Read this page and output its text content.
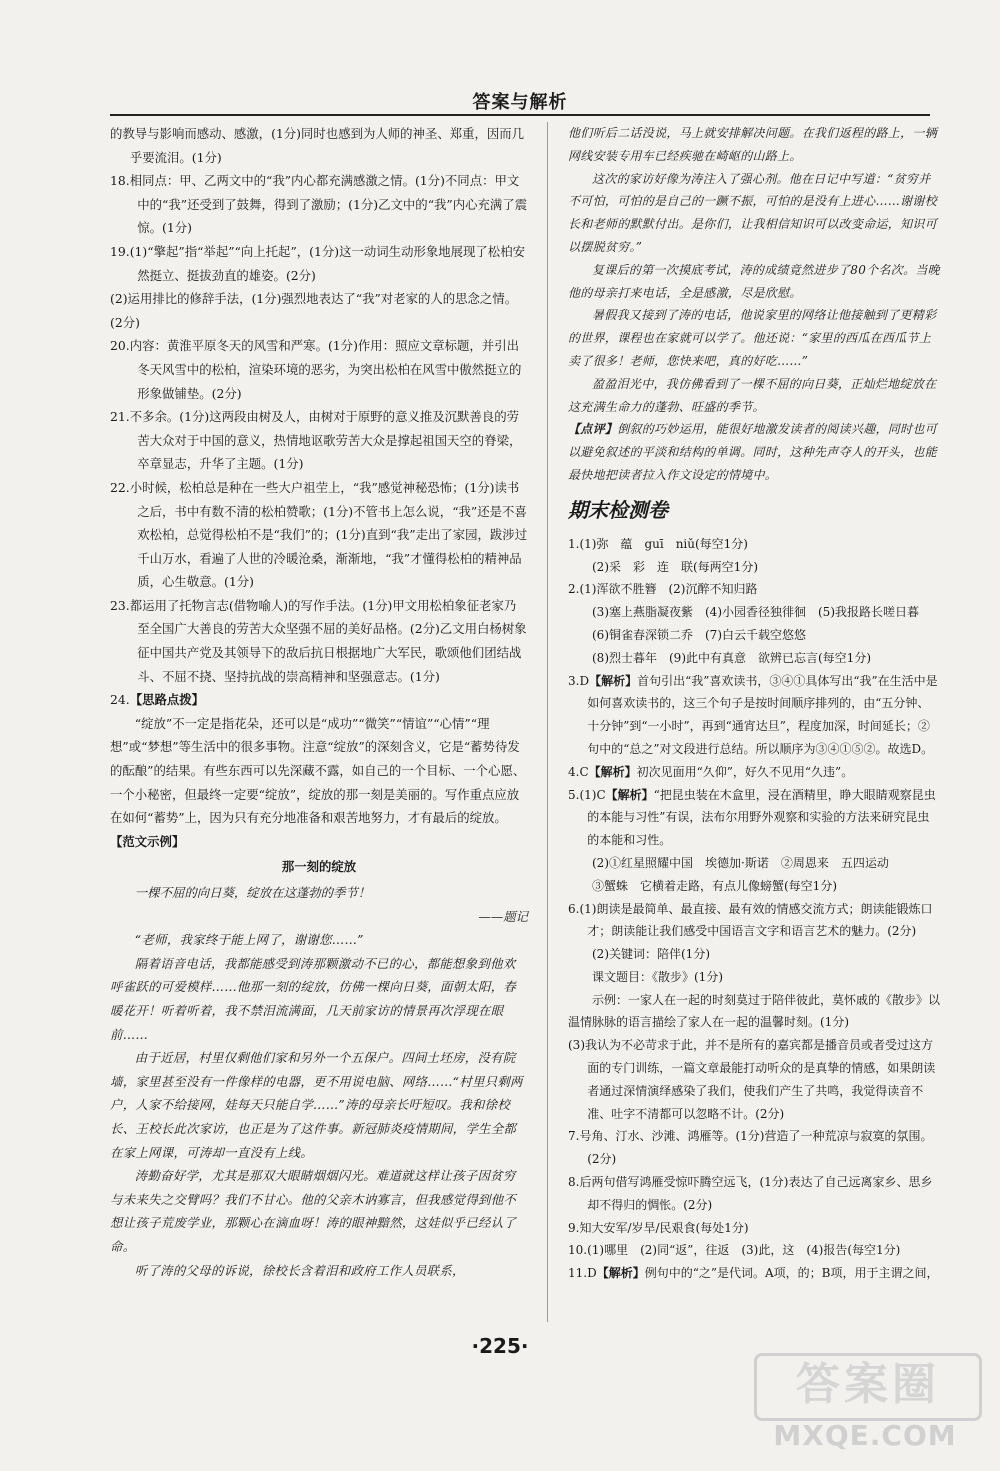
答案与解析

的教导与影响而感动、感激，(1分)同时也感到为人师的神圣、郑重，因而几乎要流泪。(1分)

18.相同点：甲、乙两文中的“我”内心都充满感激之情。(1分)不同点：甲文中的“我”还受到了鼓舞，得到了激励；(1分)乙文中的“我”内心充满了震惊。(1分)

19.(1)“擎起”指“举起”“向上托起”，(1分)这一动词生动形象地展现了松柏安然挺立、挺拔劲直的雄姿。(2分)

(2)运用排比的修辞手法，(1分)强烈地表达了“我”对老家的人的思念之情。(2分)

20.内容：黄淮平原冬天的风雪和严寒。(1分)作用：照应文章标题，并引出冬天风雪中的松柏，渲染环境的恶劣，为突出松柏在风雪中傲然挺立的形象做铺垫。(2分)

21.不多余。(1分)这两段由树及人，由树对于原野的意义推及沉默善良的劳苦大众对于中国的意义，热情地讴歌劳苦大众是撑起祖国天空的脊梁，卒章显志，升华了主题。(1分)

22.小时候，松柏总是种在一些大户祖茔上，“我”感觉神秘恐怖；(1分)读书之后，书中有数不清的松柏赞歌；(1分)不管书上怎么说，“我”还是不喜欢松柏，总觉得松柏不是“我们”的；(1分)直到“我”走出了家园，跋涉过千山万水，看遍了人世的冷暖沧桑，渐渐地，“我”才懂得松柏的精神品质，心生敬意。(1分)

23.都运用了托物言志(借物喻人)的写作手法。(1分)甲文用松柏象征老家乃至全国广大善良的劳苦大众坚强不屈的美好品格。(2分)乙文用白杨树象征中国共产党及其领导下的敌后抗日根据地广大军民，歌颂他们团结战斗、不屈不挠、坚持抗战的崇高精神和坚强意志。(1分)

24.【思路点拨】

“绽放”不一定是指花朵，还可以是“成功”“微笑”“情谊”“心情”“理想”或“梦想”等生活中的很多事物。注意“绽放”的深刻含义，它是“蓄势待发的酝酿”的结果。有些东西可以先深藏不露，如自己的一个目标、一个心愿、一个小秘密，但最终一定要“绽放”，绽放的那一刻是美丽的。写作重点应放在如何“蓄势”上，因为只有充分地准备和艰苦地努力，才有最后的绽放。

【范文示例】

那一刻的绽放

一棵不屈的向日葵，绽放在这蓬勃的季节！

——题记

“老师，我家终于能上网了，谢谢您……”

隔着语音电话，我都能感受到涛那颗激动不已的心，都能想象到他欢呼雀跃的可爱模样……他那一刻的绽放，仿佛一棵向日葵，面朝太阳，春暖花开！听着听着，我不禁泪流满面，几天前家访的情景再次浮现在眼前……

由于近居，村里仅剩他们家和另外一个五保户。四间土坯房，没有院墙，家里甚至没有一件像样的电器，更不用说电脑、网络……“村里只剩两户，人家不给接网，娃每天只能自学……”涛的母亲长吁短叹。我和徐校长、王校长此次家访，也正是为了这件事。新冠肺炎疫情期间，学生全都在家上网课，可涛却一直没有上线。

涛勤奋好学，尤其是那双大眼睛烟烟闪光。难道就这样让孩子因贫穷与未来失之交臂吗？我们不甘心。他的父亲木讷寡言，但我感觉得到他不想让孩子荒废学业，那颗心在滴血呀！涛的眼神黯然，这娃似乎已经认了命。

听了涛的父母的诉说，徐校长含着泪和政府工作人员联系，

他们听后二话没说，马上就安排解决问题。在我们返程的路上，一辆网线安装专用车已经疾驰在崎岖的山路上。

这次的家访好像为涛注入了强心剂。他在日记中写道：“贫穷并不可怕，可怕的是自己的一蹶不振，可怕的是没有上进心……谢谢校长和老师的默默付出。是你们，让我相信知识可以改变命运，知识可以摆脱贫穷。”

复课后的第一次摸底考试，涛的成绩竟然进步了80个名次。当晚他的母亲打来电话，全是感激，尽是欣慰。

暑假我又接到了涛的电话，他说家里的网络让他接触到了更精彩的世界，课程也在家就可以学了。他还说：“家里的西瓜在西瓜节上卖了很多！老师，您快来吧，真的好吃……”

盈盈泪光中，我仿佛看到了一棵不屈的向日葵，正灿烂地绽放在这充满生命力的蓬勃、旺盛的季节。

【点评】倒叙的巧妙运用，能很好地激发读者的阅读兴趣，同时也可以避免叙述的平淡和结构的单调。同时，这种先声夺人的开头，也能最快地把读者拉入作文设定的情境中。

期末检测卷

1.(1)弥　蕴　guī　niǔ(每空1分)

(2)采　彩　连　联(每两空1分)

2.(1)浑欲不胜簪　(2)沉醉不知归路

(3)塞上燕脂凝夜紫　(4)小园香径独徘徊　(5)我报路长嗟日暮

(6)铜雀春深锁二乔　(7)白云千载空悠悠

(8)烈士暮年　(9)此中有真意　欲辨已忘言(每空1分)

3.D【解析】首句引出“我”喜欢读书，③④①具体写出“我”在生活中是如何喜欢读书的，这三个句子是按时间顺序排列的，由“五分钟、十分钟”到“一小时”，再到“通宵达旦”，程度加深，时间延长；②句中的“总之”对文段进行总结。所以顺序为③④①⑤②。故选D。

4.C【解析】初次见面用“久仰”，好久不见用“久违”。

5.(1)C【解析】“把昆虫装在木盒里，浸在酒精里，睁大眼睛观察昆虫的本能与习性”有误，法布尔用野外观察和实验的方法来研究昆虫的本能和习性。

(2)①红星照耀中国　埃德加·斯诺　②周恩来　五四运动

③蟹蛛　它横着走路，有点儿像螃蟹(每空1分)

6.(1)朗读是最简单、最直接、最有效的情感交流方式；朗读能锻炼口才；朗读能让我们感受中国语言文字和语言艺术的魅力。(2分)

(2)关键词：陪伴(1分)

课文题目：《散步》(1分)

示例：一家人在一起的时刻莫过于陪伴彼此，莫怀戚的《散步》以温情脉脉的语言描绘了家人在一起的温馨时刻。(1分)

(3)我认为不必苛求于此，并不是所有的嘉宾都是播音员或者受过这方面的专门训练，一篇文章最能打动听众的是真挚的情感，如果朗读者通过深情演绎感染了我们，使我们产生了共鸣，我觉得读音不准、吐字不清都可以忽略不计。(2分)

7.号角、汀水、沙滩、鸿雁等。(1分)营造了一种荒凉与寂寞的氛围。(2分)

8.后两句借写鸿雁受惊吓腾空远飞，(1分)表达了自己远离家乡、思乡却不得归的惆怅。(2分)

9.知大安军/岁旱/民艰食(每处1分)

10.(1)哪里　(2)同“返”，往返　(3)此，这　(4)报告(每空1分)

11.D【解析】例句中的“之”是代词。A项，的；B项，用于主谓之间，

·225·
答案圈
MXQE.COM
